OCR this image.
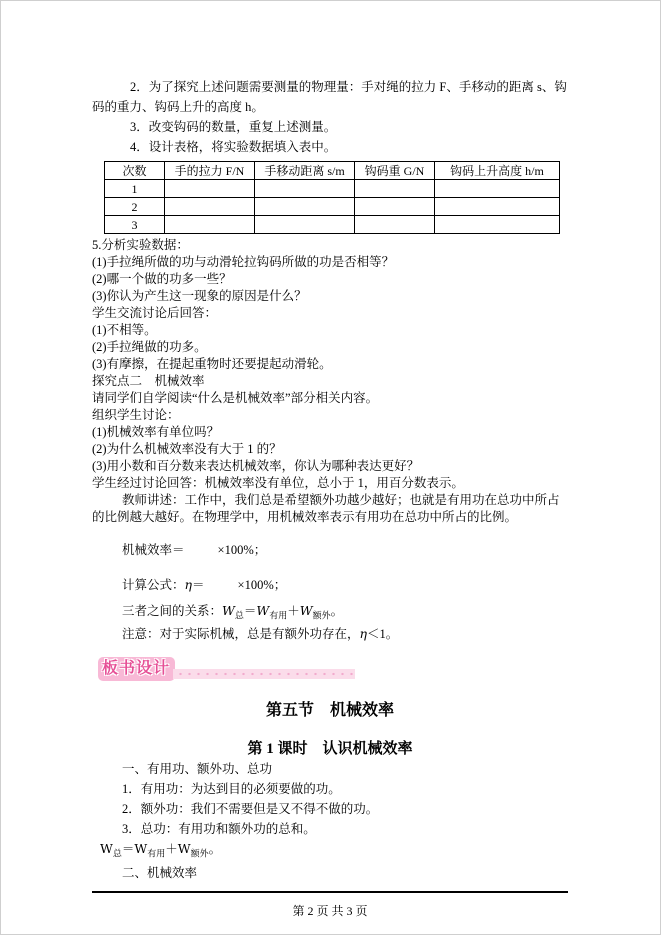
2．为了探究上述问题需要测量的物理量：手对绳的拉力 F、手移动的距离 s、钩码的重力、钩码上升的高度 h。

3．改变钩码的数量，重复上述测量。

4．设计表格，将实验数据填入表中。

次数	手的拉力 F/N	手移动距离 s/m	钩码重 G/N	钩码上升高度 h/m
1				
2				
3				

5.分析实验数据：

(1)手拉绳所做的功与动滑轮拉钩码所做的功是否相等？

(2)哪一个做的功多一些？

(3)你认为产生这一现象的原因是什么？

学生交流讨论后回答：

(1)不相等。

(2)手拉绳做的功多。

(3)有摩擦，在提起重物时还要提起动滑轮。

探究点二　机械效率

请同学们自学阅读“什么是机械效率”部分相关内容。

组织学生讨论：

(1)机械效率有单位吗？

(2)为什么机械效率没有大于 1 的？

(3)用小数和百分数来表达机械效率，你认为哪种表达更好？

学生经过讨论回答：机械效率没有单位，总小于 1，用百分数表示。

教师讲述：工作中，我们总是希望额外功越少越好；也就是有用功在总功中所占的比例越大越好。在物理学中，用机械效率表示有用功在总功中所占的比例。

机械效率＝	×100%；

计算公式：η＝	×100%；

三者之间的关系：$W_总=W_{有用}+W_{额外}$。

注意：对于实际机械，总是有额外功存在，η＜1。

板书设计

第五节　机械效率

第 1 课时　认识机械效率

一、有用功、额外功、总功

1．有用功：为达到目的必须要做的功。

2．额外功：我们不需要但是又不得不做的功。

3．总功：有用功和额外功的总和。

$W_总=W_{有用}+W_{额外}$。

二、机械效率

第 2 页 共 3 页
